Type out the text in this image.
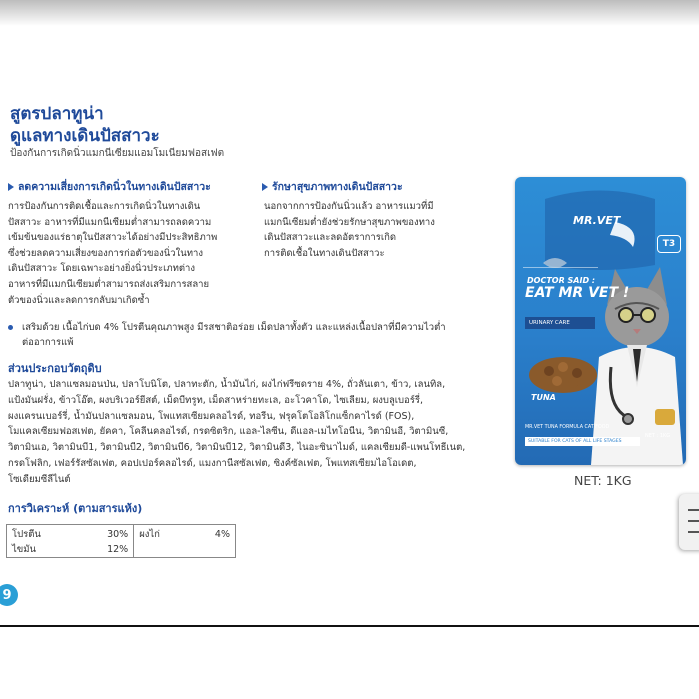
สูตรปลาทูน่า
ดูแลทางเดินปัสสาวะ
ป้องกันการเกิดนิ่วแมกนีเซียมแอมโมเนียมฟอสเฟต
ลดความเสี่ยงการเกิดนิ่วในทางเดินปัสสาวะ
การป้องกันการติดเชื้อและการเกิดนิ่วในทางเดิน
ปัสสาวะ อาหารที่มีแมกนีเซียมต่ำสามารถลดความ
เข้มข้นของแร่ธาตุในปัสสาวะได้อย่างมีประสิทธิภาพ
ซึ่งช่วยลดความเสี่ยงของการก่อตัวของนิ่วในทาง
เดินปัสสาวะ โดยเฉพาะอย่างยิ่งนิ่วประเภทต่าง
อาหารที่มีแมกนีเซียมต่ำสามารถส่งเสริมการสลาย
ตัวของนิ่วและลดการกลับมาเกิดซ้ำ
รักษาสุขภาพทางเดินปัสสาวะ
นอกจากการป้องกันนิ่วแล้ว อาหารแมวที่มี
แมกนีเซียมต่ำยังช่วยรักษาสุขภาพของทาง
เดินปัสสาวะและลดอัตราการเกิด
การติดเชื้อในทางเดินปัสสาวะ
เสริมด้วย เนื้อไก่บด 4% โปรตีนคุณภาพสูง มีรสชาติอร่อย เม็ดปลาทั้งตัว และแหล่งเนื้อปลาที่มีความไวต่ำ
ต่ออาการแพ้
ส่วนประกอบวัตถุดิบ
ปลาทูน่า, ปลาแซลมอนป่น, ปลาโบนิโต, ปลาทะตัก, น้ำมันไก่, ผงไก่ฟรีซดราย 4%, ถั่วลันเตา, ข้าว, เลนทิล,
แป้งมันฝรั่ง, ข้าวโอ๊ต, ผงบริเวอร์ยีสต์, เม็ดบีทรูท, เม็ดสาหร่ายทะเล, อะโวคาโด, ไซเลียม, ผงบลูเบอร์รี่,
ผงแครนเบอร์รี่, น้ำมันปลาแซลมอน, โพแทสเซียมคลอไรด์, ทอรีน, ฟรุคโตโอลิโกแซ็กคาไรด์ (FOS),
โมแคลเซียมฟอสเฟต, ยัคคา, โคลีนคลอไรด์, กรดซิตริก, แอล-ไลซีน, ดีแอล-เมไทโอนีน, วิตามินอี, วิตามินซี,
วิตามินเอ, วิตามินบี1, วิตามินบี2, วิตามินบี6, วิตามินบี12, วิตามินดี3, ไนอะซินาไมด์, แคลเซียมดี-แพนโทธีเนต,
กรดโฟลิก, เฟอร์รัสซัลเฟต, คอปเปอร์คลอไรด์, แมงกานีสซัลเฟต, ซิงค์ซัลเฟต, โพแทสเซียมไอโอเดต,
โซเดียมซีลีไนต์
การวิเคราะห์ (ตามสารแห้ง)
โปรตีน	30%	ผงไก่	4%
ไขมัน	12%		
9
MR.VET
T3
DOCTOR SAID :
EAT MR VET !
URINARY CARE
TUNA
MR.VET TUNA FORMULA CAT FOOD
SUITABLE FOR CATS OF ALL LIFE STAGES
NET : 1KG
NET: 1KG
